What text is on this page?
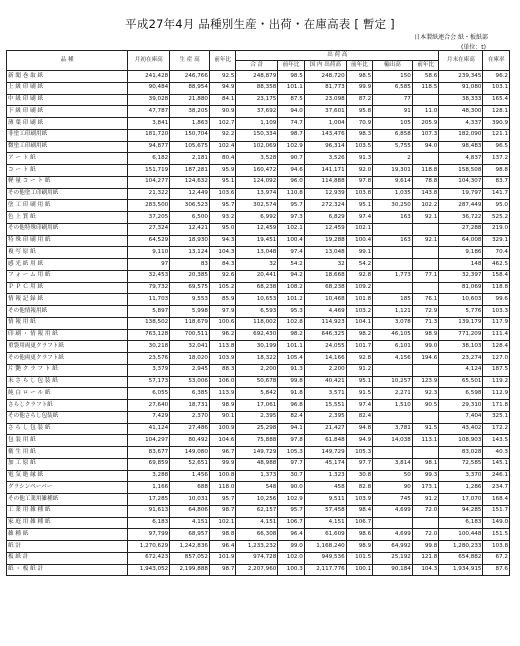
平成27年4月 品種別生産・出荷・在庫高表 [ 暫定 ]
日本製紙連合会 紙・板紙部
(単位：t)
品 種	月初在庫高	生 産 高	前年比	出 荷 高						月末在庫高	在庫率
				合 計	前年比	国 内 出荷高	前年比	輸出高	前年比		
新 聞 巻 取 紙	241,428	246,766	92.5	248,879	98.5	248,720	98.5	150	58.6	239,345	96.2
上 級 印 刷 紙	90,484	88,954	94.9	88,358	101.1	81,773	99.9	6,585	118.5	91,080	103.1
中 級 印 刷 紙	39,028	21,880	84.1	23,175	87.5	23,098	87.2	77		38,333	165.4
下 級 印 刷 紙	47,787	38,205	90.9	37,692	94.0	37,601	95.8	91	11.0	48,300	128.1
薄 葉 印 刷 紙	3,841	1,863	102.7	1,109	74.7	1,004	70.9	105	205.9	4,337	390.9
非塗工印刷用紙	181,720	150,704	92.2	150,334	98.7	143,476	98.3	6,858	107.3	182,090	121.1
微塗工印刷用紙	94,877	105,675	102.4	102,069	102.9	96,314	103.5	5,755	94.0	98,483	96.5
ア ー ト 紙	6,182	2,181	80.4	3,528	90.7	3,526	91.3	2		4,837	137.2
コ ー ト 紙	151,719	187,281	95.9	160,472	94.6	141,171	92.0	19,301	118.8	158,508	98.8
軽 量 コ ー ト 紙	104,277	124,632	95.1	124,092	96.0	114,888	97.8	9,614	78.8	104,307	83.7
その他塗工印刷用紙	21,322	12,449	103.6	13,974	110.8	12,939	103.8	1,035	143.8	19,797	141.7
塗 工 印 刷 用 紙	283,500	306,523	95.7	302,574	95.7	272,324	95.1	30,250	102.2	287,449	95.0
色 上 質 紙	37,205	6,500	93.2	6,992	97.3	6,829	97.4	163	92.1	36,722	525.2
その他特殊印刷用紙	27,324	12,421	95.0	12,459	102.1	12,459	102.1			27,288	219.0
特 殊 印 刷 用 紙	64,529	18,930	94.3	19,451	100.4	19,288	100.4	163	92.1	64,008	329.1
複 写 原 紙	9,110	13,124	104.3	13,048	97.4	13,048	99.1			9,186	70.4
感 光 紙 用 紙	97	83	84.3	32	54.2	32	54.2			148	462.5
フ ォ ー ム 用 紙	32,453	20,385	92.6	20,441	94.2	18,668	92.8	1,773	77.1	32,397	158.4
Ｐ Ｐ Ｃ 用 紙	79,732	69,575	105.2	68,238	108.2	68,238	109.2			81,069	118.8
情 報 記 録 紙	11,703	9,553	85.9	10,653	101.2	10,468	101.8	185	76.1	10,603	99.6
その他情報用紙	5,897	5,998	97.9	6,593	95.3	4,469	103.2	1,121	72.9	5,776	103.3
情 報 用 紙	138,502	118,679	100.6	118,002	102.8	114,923	104.1	3,078	71.3	139,179	117.9
印 刷 ・ 情 報 用 紙	763,128	700,511	96.2	692,430	98.2	646,325	98.2	46,105	98.9	771,209	111.4
重袋用両更クラフト紙	30,218	32,041	113.8	30,199	101.1	24,055	101.7	6,101	99.0	38,103	128.4
その他両更クラフト紙	23,576	18,020	103.9	18,322	105.4	14,166	92.8	4,156	194.6	23,274	127.0
片 艶 ク ラ フ ト 紙	3,379	2,945	88.3	2,200	91.3	2,200	91.2			4,124	187.5
未 さ ら し 包 装 紙	57,173	53,006	106.0	50,678	99.8	40,421	95.1	10,257	123.9	65,501	119.2
純 白 ロ ー ル 紙	6,055	6,385	113.9	5,842	91.8	3,571	91.5	2,271	92.3	6,598	112.9
さらしクラフト紙	27,640	18,731	98.9	17,061	96.8	15,551	97.4	1,510	90.5	29,310	171.8
その他さらし包装紙	7,429	2,370	90.1	2,395	82.4	2,395	82.4			7,404	325.1
さ ら し 包 装 紙	41,124	27,486	100.9	25,298	94.1	21,427	94.8	3,781	91.5	43,402	172.2
包 装 用 紙	104,297	80,492	104.6	75,888	97.8	61,848	94.9	14,038	113.1	108,903	143.5
衛 生 用 紙	83,677	149,080	96.7	149,729	105.3	149,729	105.3			83,028	40.3
加 工 原 紙	69,859	52,651	99.9	48,988	97.7	45,174	97.7	3,814	98.1	72,585	145.1
電 気 絶 縁 紙	3,288	1,456	100.8	1,373	30.7	1,323	30.8	50	99.3	3,370	246.1
グラシンペーパー	1,166	688	118.0	548	90.0	458	82.8	90	173.1	1,286	234.7
その他工業用雑種紙	17,285	10,031	95.7	10,256	102.9	9,511	103.9	745	91.2	17,070	168.4
工 業 用 雑 種 紙	91,613	64,806	98.7	62,157	95.7	57,458	98.4	4,699	72.0	94,285	151.7
家 庭 用 雑 種 紙	6,183	4,151	102.1	4,151	106.7	4,151	106.7			6,183	149.0
雑 種 紙	97,799	68,957	98.8	66,308	96.4	61,609	98.6	4,699	72.0	100,448	151.5
紙 計	1,270,629	1,242,836	96.4	1,233,232	99.0	1,168,240	98.9	64,992	99.8	1,280,233	103.8
板 紙 計	672,423	857,052	101.9	974,728	102.0	949,536	101.5	25,192	121.8	654,882	67.2
紙 ・ 板 紙 計	1,943,052	2,199,888	98.7	2,207,960	100.3	2,117,776	100.1	90,184	104.3	1,934,915	87.6
